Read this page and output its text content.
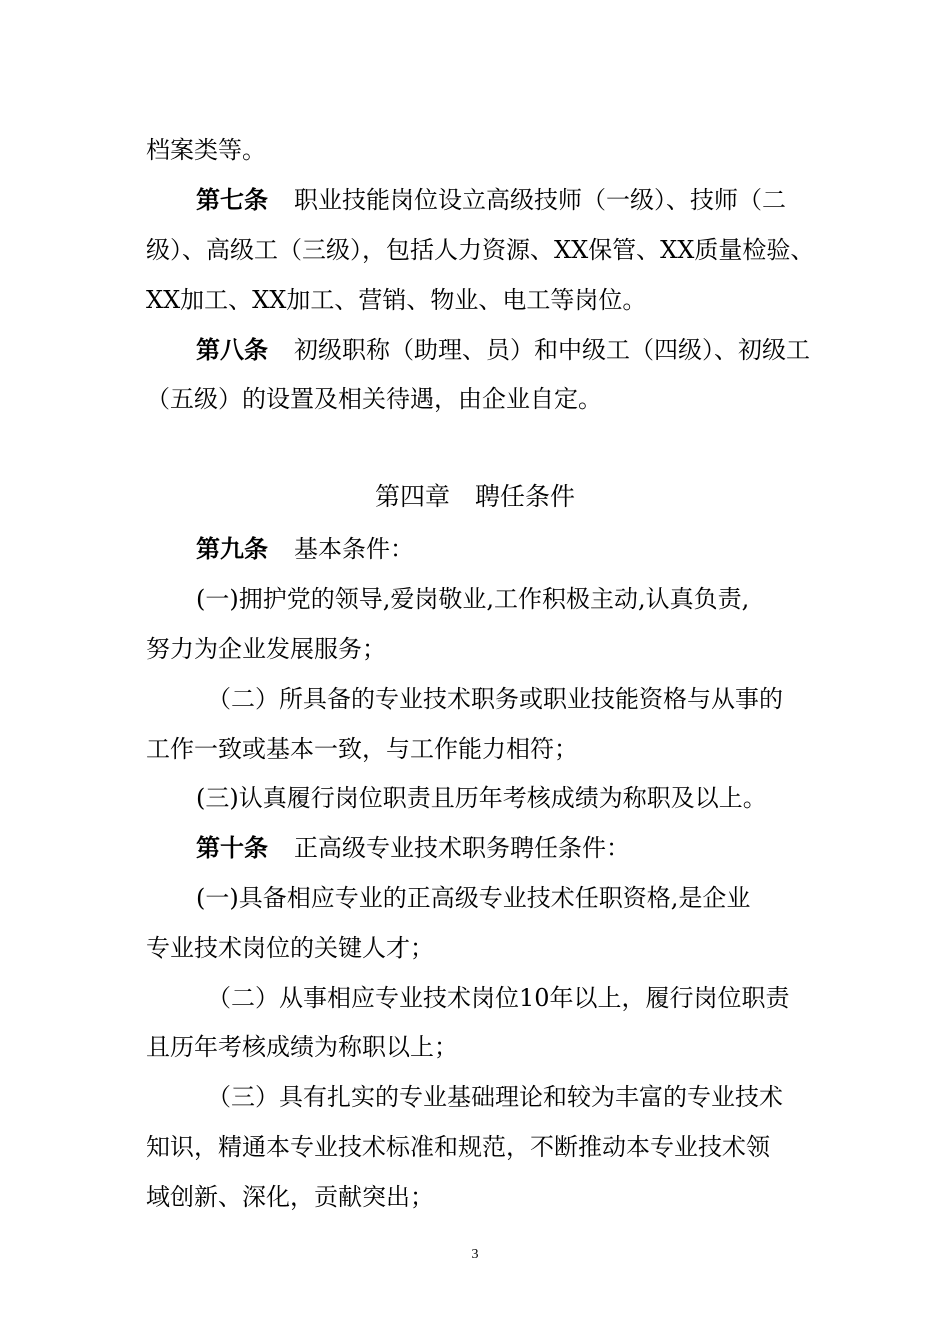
档案类等。
第七条 职业技能岗位设立高级技师（一级）、技师（二
级）、高级工（三级），包括人力资源、XX保管、XX质量检验、
XX加工、XX加工、营销、物业、电工等岗位。
第八条 初级职称（助理、员）和中级工（四级）、初级工
（五级）的设置及相关待遇，由企业自定。
第四章　聘任条件
第九条 基本条件：
(一)拥护党的领导,爱岗敬业,工作积极主动,认真负责,
努力为企业发展服务；
（二）所具备的专业技术职务或职业技能资格与从事的
工作一致或基本一致，与工作能力相符；
(三)认真履行岗位职责且历年考核成绩为称职及以上。
第十条 正高级专业技术职务聘任条件：
(一)具备相应专业的正高级专业技术任职资格,是企业
专业技术岗位的关键人才；
（二）从事相应专业技术岗位10年以上，履行岗位职责
且历年考核成绩为称职以上；
（三）具有扎实的专业基础理论和较为丰富的专业技术
知识，精通本专业技术标准和规范，不断推动本专业技术领
域创新、深化，贡献突出；
3
